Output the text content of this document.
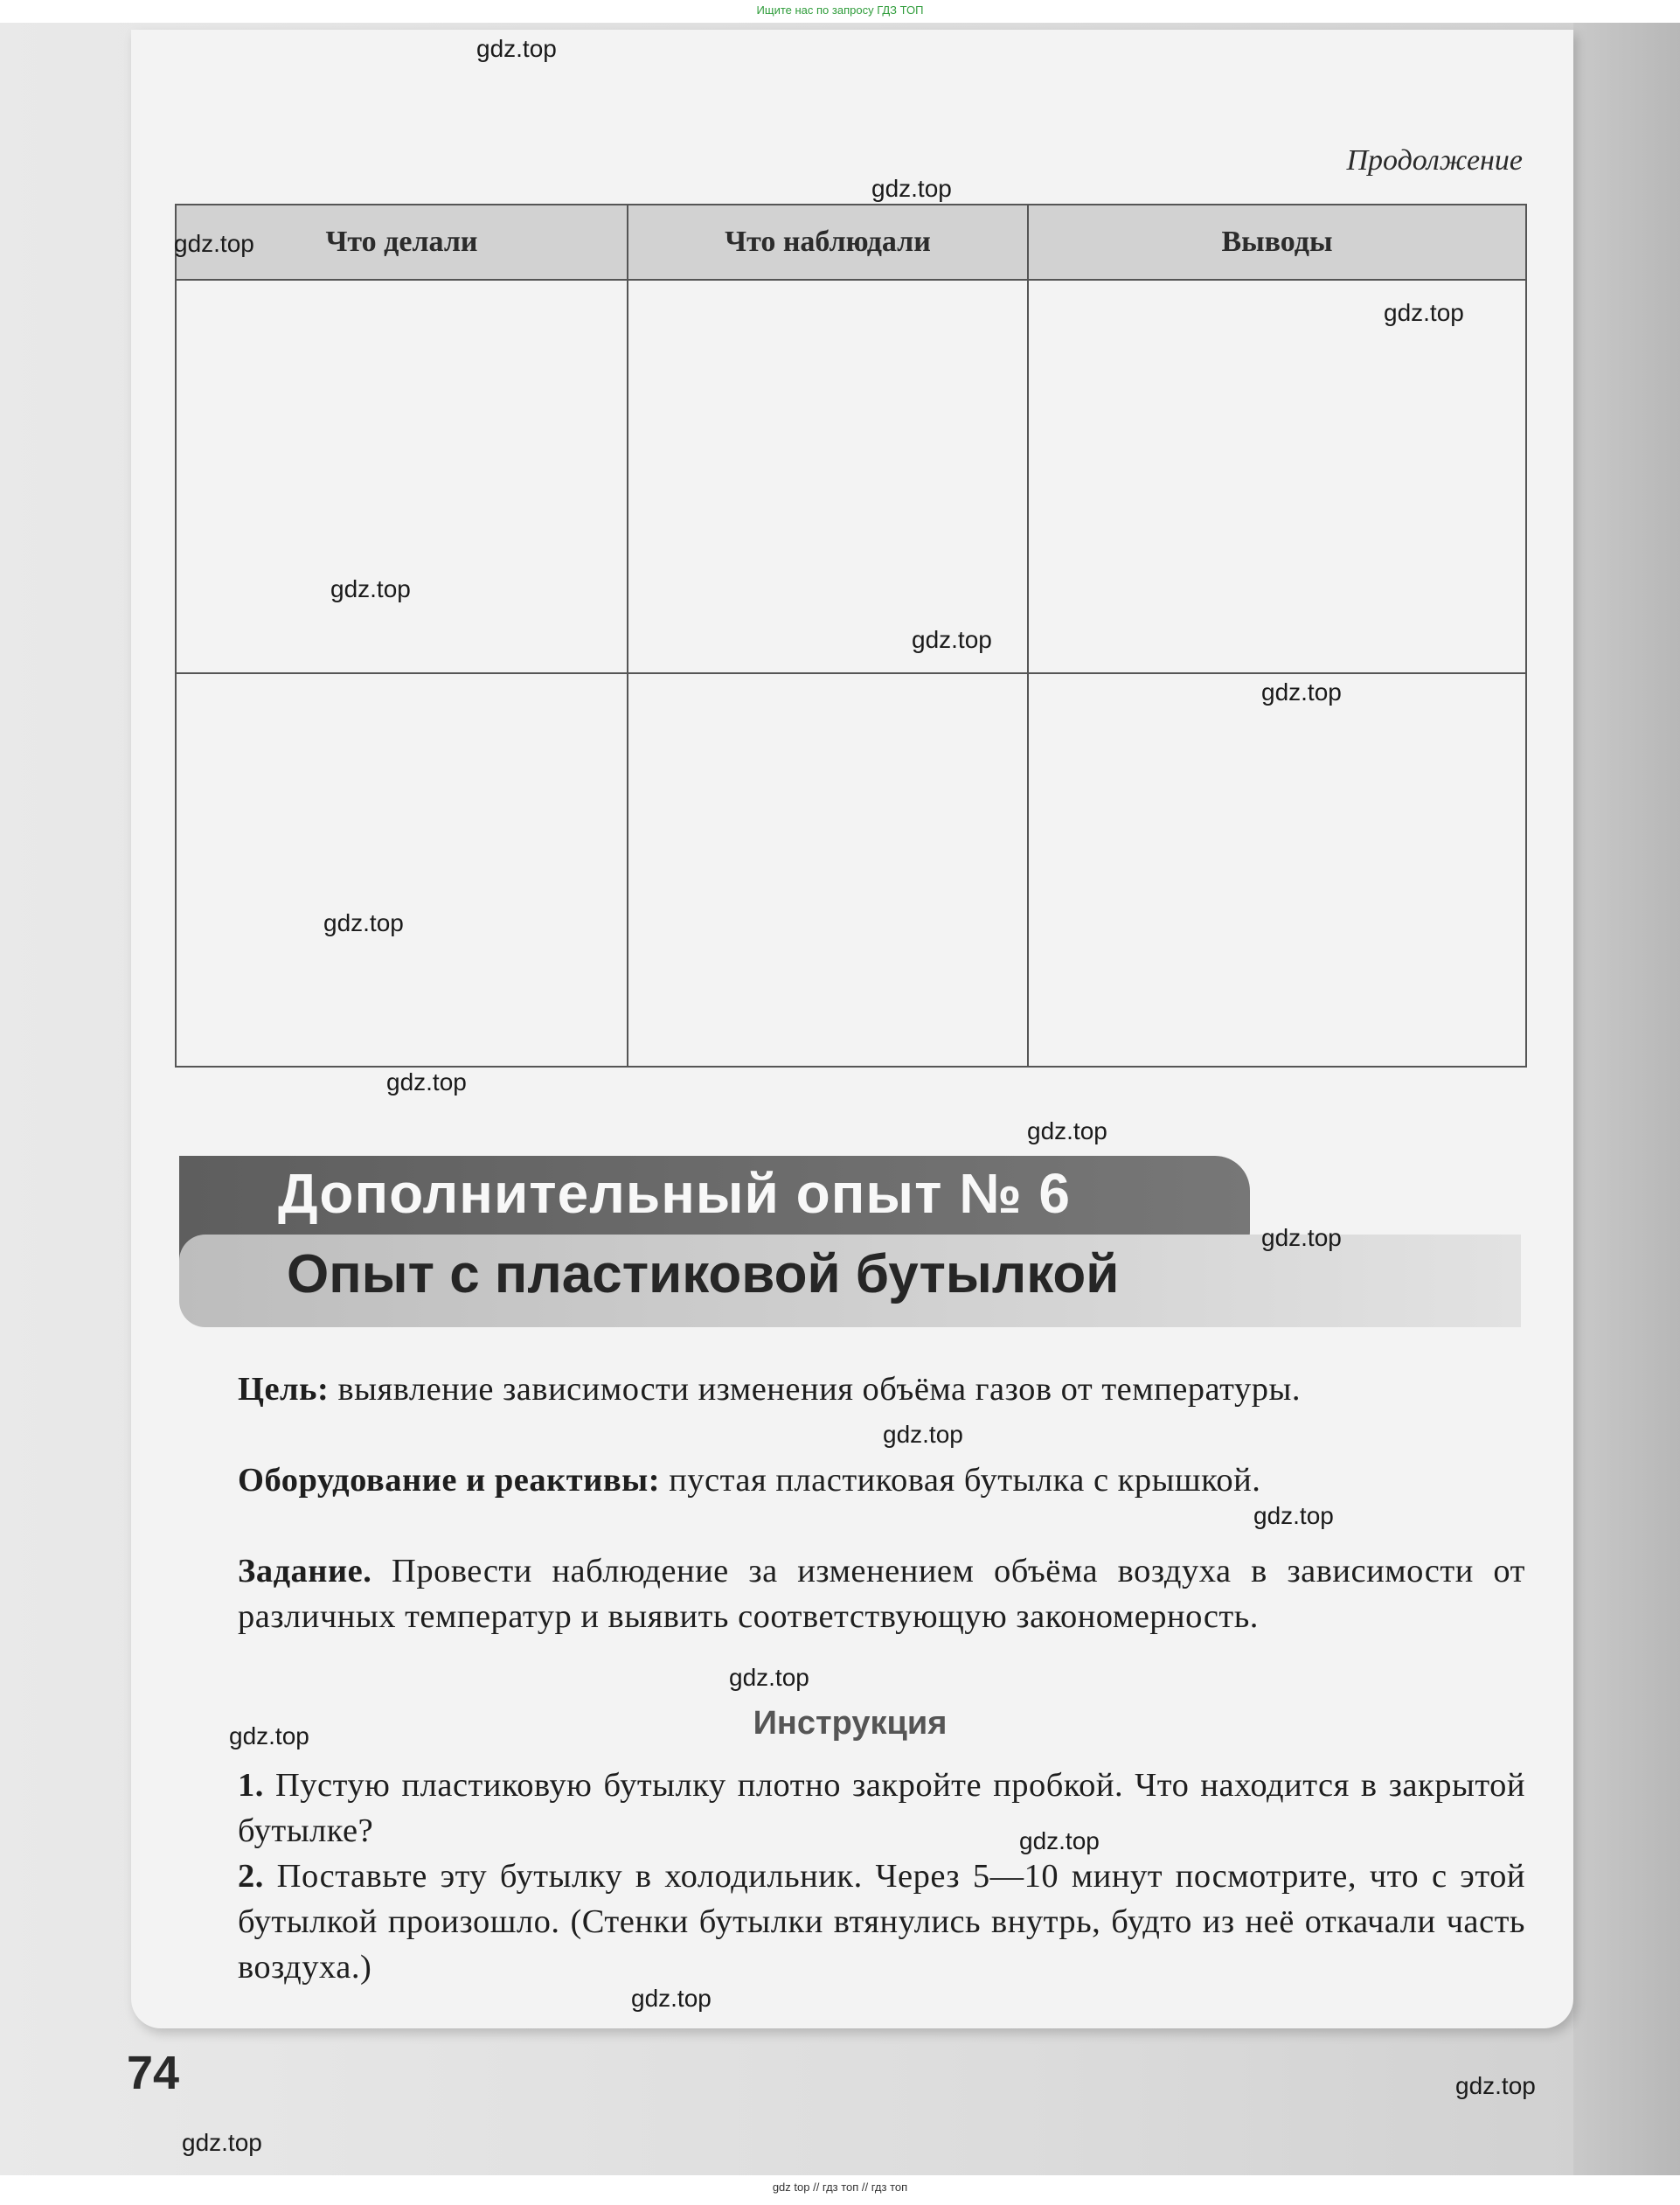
Ищите нас по запросу ГДЗ ТОП
Продолжение
Что делали	Что наблюдали	Выводы

Дополнительный опыт № 6
Опыт с пластиковой бутылкой
Цель: выявление зависимости изменения объёма газов от температуры.
Оборудование и реактивы: пустая пластиковая бутылка с крышкой.
Задание. Провести наблюдение за изменением объёма воздуха в зависимости от различных температур и выявить соответствующую закономерность.
Инструкция
1. Пустую пластиковую бутылку плотно закройте пробкой. Что находится в закрытой бутылке?
2. Поставьте эту бутылку в холодильник. Через 5—10 минут посмотрите, что с этой бутылкой произошло. (Стенки бутылки втянулись внутрь, будто из неё откачали часть воздуха.)
74
gdz.top
gdz.top
gdz.top
gdz.top
gdz.top
gdz.top
gdz.top
gdz.top
gdz.top
gdz.top
gdz.top
gdz.top
gdz.top
gdz.top
gdz.top
gdz.top
gdz.top
gdz.top
gdz.top
gdz top // гдз топ // гдз топ
